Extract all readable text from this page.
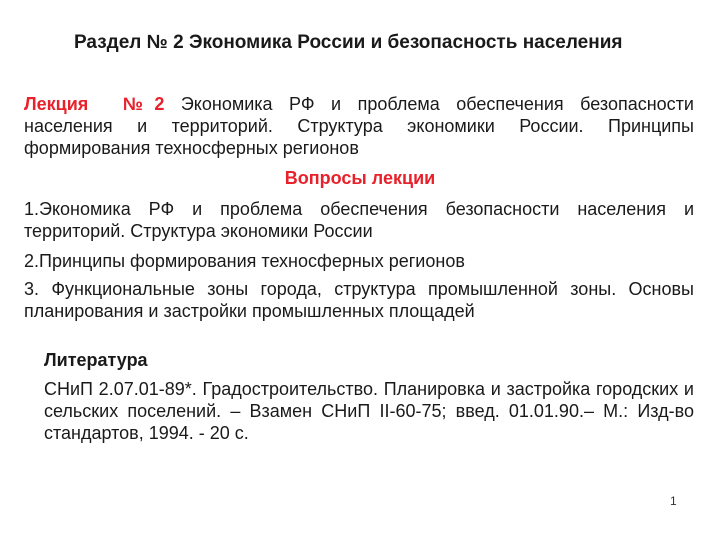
Раздел № 2 Экономика России и безопасность населения
Лекция №2 Экономика РФ и проблема обеспечения безопасности населения и территорий. Структура экономики России. Принципы формирования техносферных регионов
Вопросы лекции
1.Экономика РФ и проблема обеспечения безопасности населения и территорий. Структура экономики России
2.Принципы формирования техносферных регионов
3. Функциональные зоны города, структура промышленной зоны. Основы планирования и застройки промышленных площадей
Литература
СНиП 2.07.01-89*. Градостроительство. Планировка и застройка городских и сельских поселений. – Взамен СНиП II-60-75; введ. 01.01.90.– М.: Изд-во стандартов, 1994. - 20 с.
1
